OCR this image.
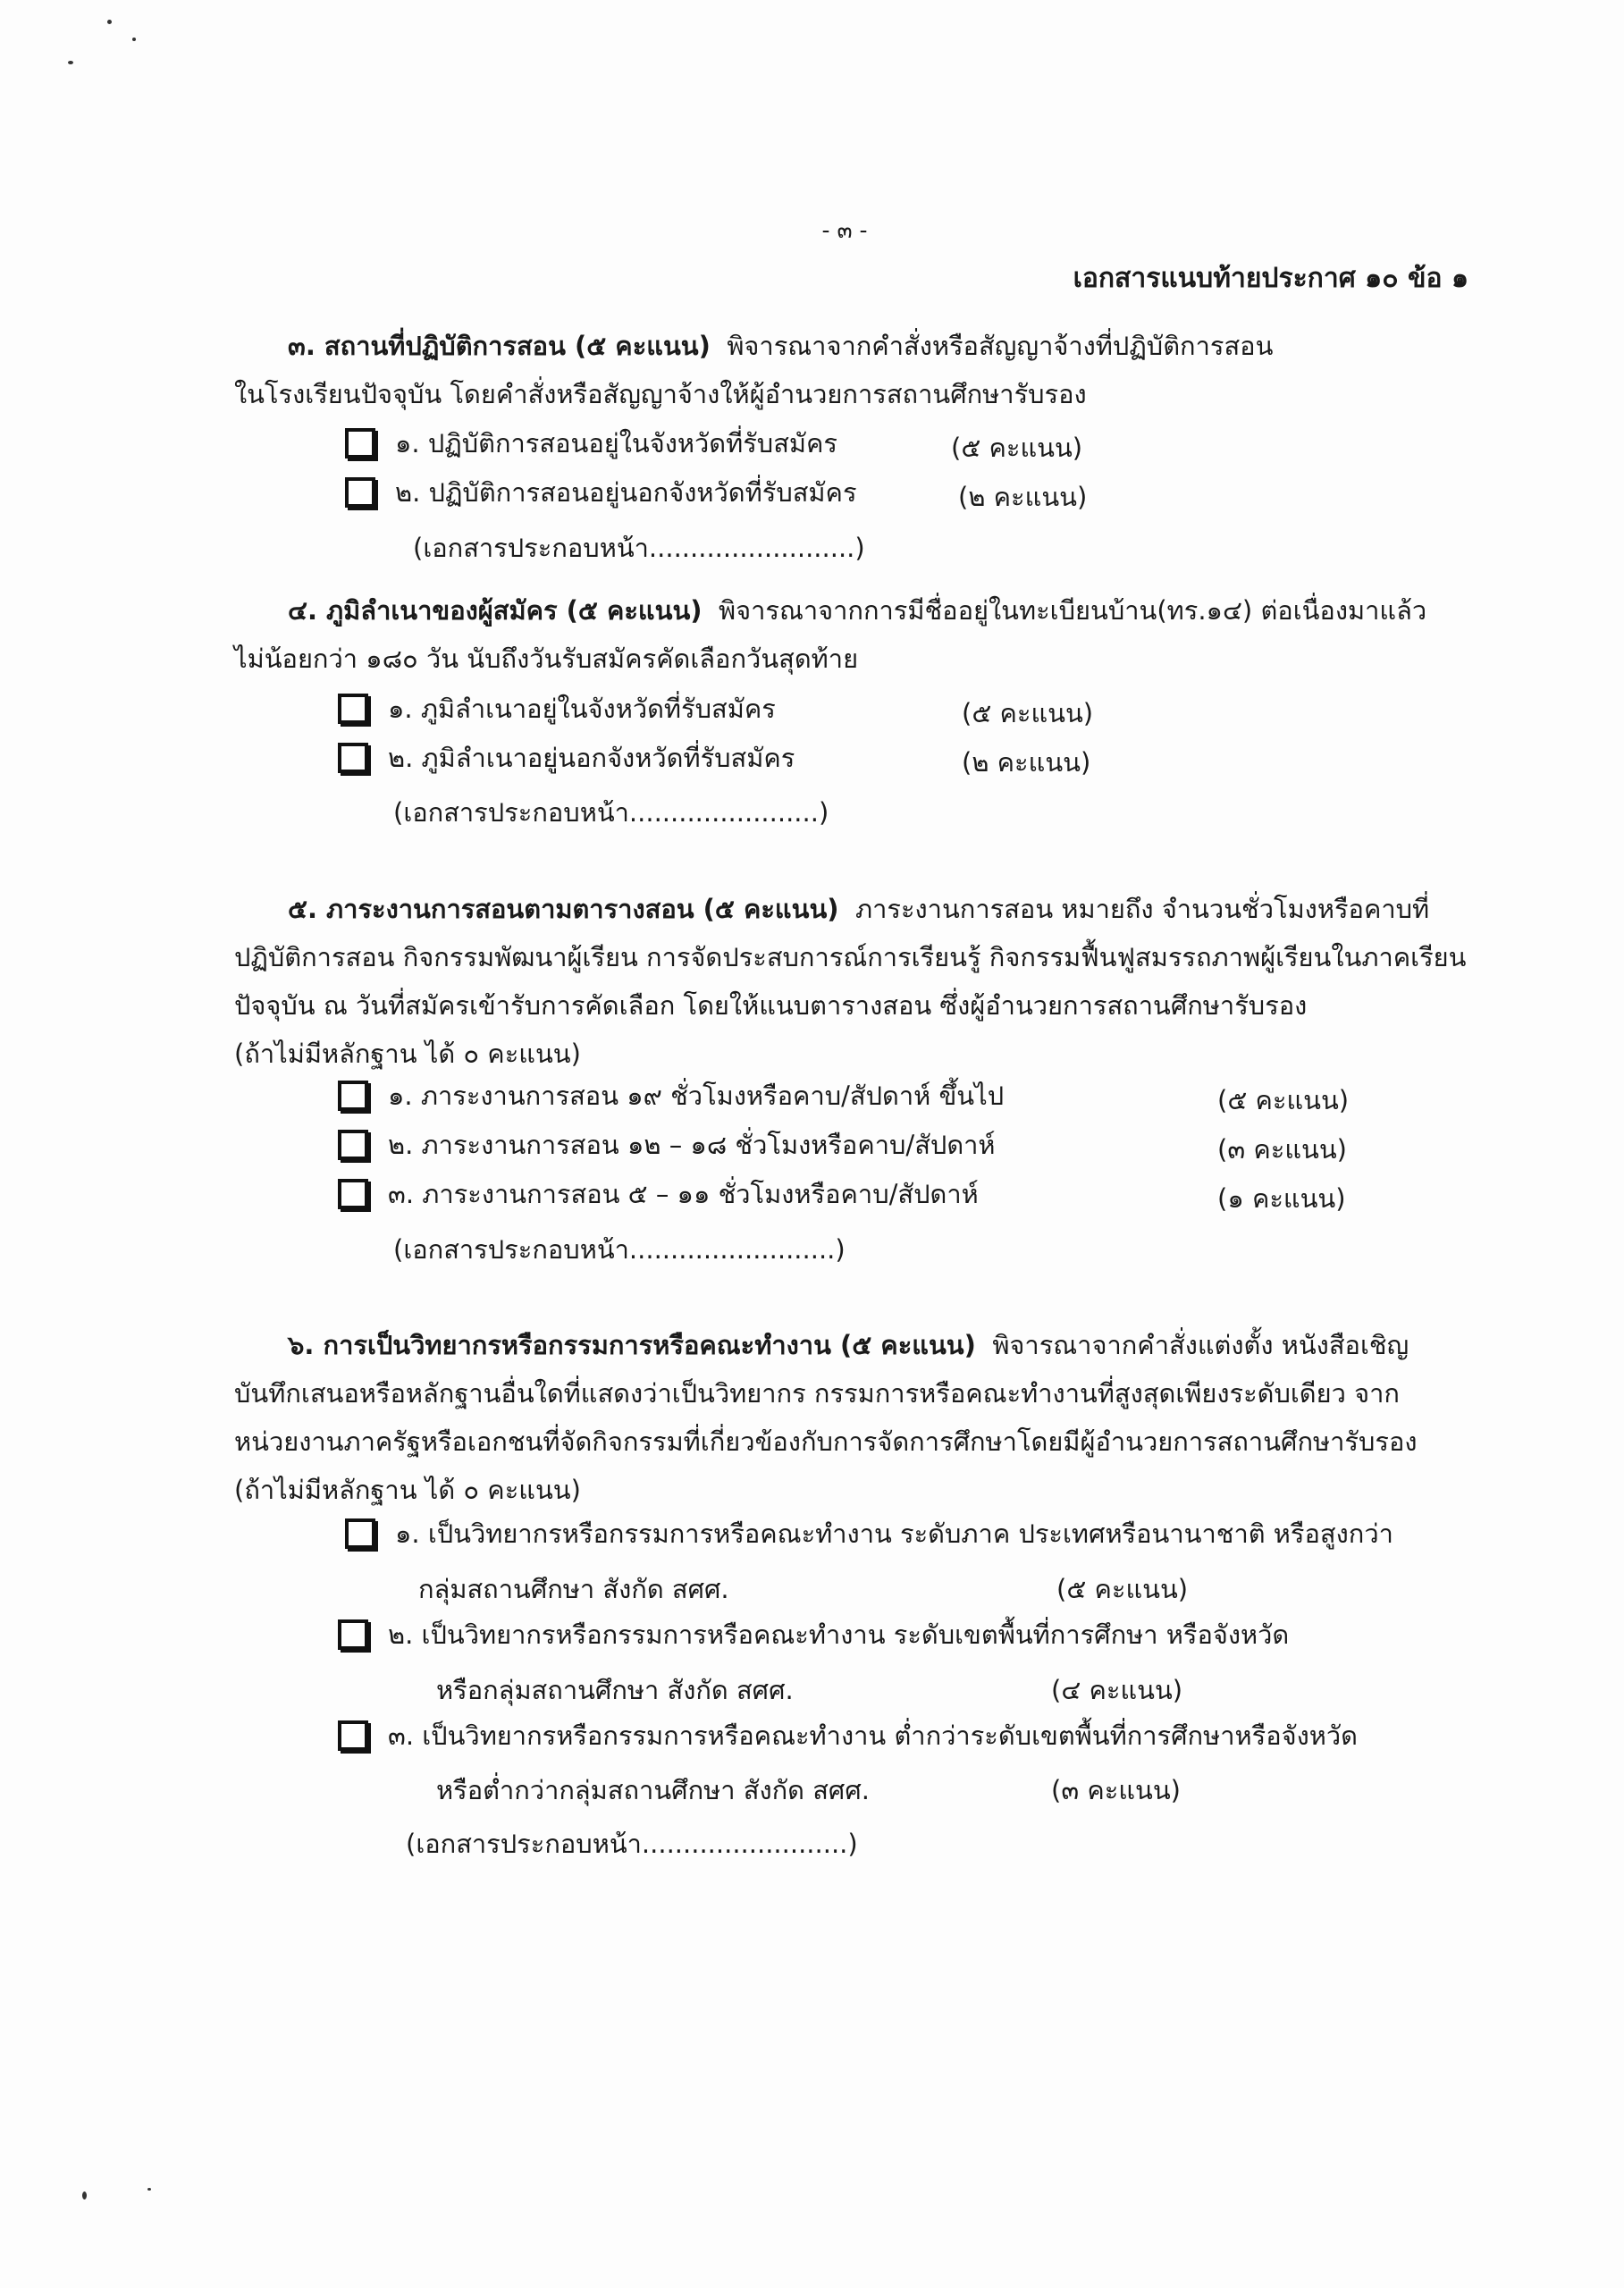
- ๓ -
เอกสารแนบท้ายประกาศ ๑๐ ข้อ ๑

๓. สถานที่ปฏิบัติการสอน (๕ คะแนน) พิจารณาจากคำสั่งหรือสัญญาจ้างที่ปฏิบัติการสอน

ในโรงเรียนปัจจุบัน โดยคำสั่งหรือสัญญาจ้างให้ผู้อำนวยการสถานศึกษารับรอง

๑. ปฏิบัติการสอนอยู่ในจังหวัดที่รับสมัคร	(๕ คะแนน)
๒. ปฏิบัติการสอนอยู่นอกจังหวัดที่รับสมัคร	(๒ คะแนน)
(เอกสารประกอบหน้า.........................)

๔. ภูมิลำเนาของผู้สมัคร (๕ คะแนน) พิจารณาจากการมีชื่ออยู่ในทะเบียนบ้าน(ทร.๑๔) ต่อเนื่องมาแล้ว

ไม่น้อยกว่า ๑๘๐ วัน นับถึงวันรับสมัครคัดเลือกวันสุดท้าย

๑. ภูมิลำเนาอยู่ในจังหวัดที่รับสมัคร	(๕ คะแนน)
๒. ภูมิลำเนาอยู่นอกจังหวัดที่รับสมัคร	(๒ คะแนน)
(เอกสารประกอบหน้า.......................)

๕. ภาระงานการสอนตามตารางสอน (๕ คะแนน) ภาระงานการสอน หมายถึง จำนวนชั่วโมงหรือคาบที่

ปฏิบัติการสอน กิจกรรมพัฒนาผู้เรียน การจัดประสบการณ์การเรียนรู้ กิจกรรมฟื้นฟูสมรรถภาพผู้เรียนในภาคเรียน

ปัจจุบัน ณ วันที่สมัครเข้ารับการคัดเลือก โดยให้แนบตารางสอน ซึ่งผู้อำนวยการสถานศึกษารับรอง

(ถ้าไม่มีหลักฐาน ได้ ๐ คะแนน)

๑. ภาระงานการสอน ๑๙ ชั่วโมงหรือคาบ/สัปดาห์ ขึ้นไป	(๕ คะแนน)
๒. ภาระงานการสอน ๑๒ – ๑๘ ชั่วโมงหรือคาบ/สัปดาห์	(๓ คะแนน)
๓. ภาระงานการสอน ๕ – ๑๑ ชั่วโมงหรือคาบ/สัปดาห์	(๑ คะแนน)
(เอกสารประกอบหน้า.........................)

๖. การเป็นวิทยากรหรือกรรมการหรือคณะทำงาน (๕ คะแนน) พิจารณาจากคำสั่งแต่งตั้ง หนังสือเชิญ

บันทึกเสนอหรือหลักฐานอื่นใดที่แสดงว่าเป็นวิทยากร กรรมการหรือคณะทำงานที่สูงสุดเพียงระดับเดียว จาก

หน่วยงานภาครัฐหรือเอกชนที่จัดกิจกรรมที่เกี่ยวข้องกับการจัดการศึกษาโดยมีผู้อำนวยการสถานศึกษารับรอง

(ถ้าไม่มีหลักฐาน ได้ ๐ คะแนน)

๑. เป็นวิทยากรหรือกรรมการหรือคณะทำงาน ระดับภาค ประเทศหรือนานาชาติ หรือสูงกว่า
กลุ่มสถานศึกษา สังกัด สศศ.	(๕ คะแนน)
๒. เป็นวิทยากรหรือกรรมการหรือคณะทำงาน ระดับเขตพื้นที่การศึกษา หรือจังหวัด
หรือกลุ่มสถานศึกษา สังกัด สศศ.	(๔ คะแนน)
๓. เป็นวิทยากรหรือกรรมการหรือคณะทำงาน ต่ำกว่าระดับเขตพื้นที่การศึกษาหรือจังหวัด
หรือต่ำกว่ากลุ่มสถานศึกษา สังกัด สศศ.	(๓ คะแนน)
(เอกสารประกอบหน้า.........................)
